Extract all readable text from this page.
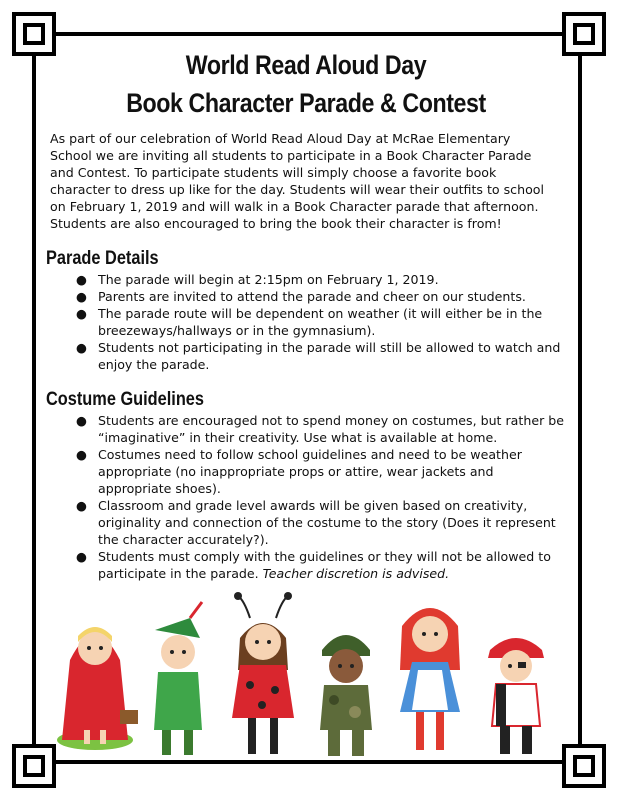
World Read Aloud Day
Book Character Parade & Contest

As part of our celebration of World Read Aloud Day at McRae Elementary School we are inviting all students to participate in a Book Character Parade and Contest. To participate students will simply choose a favorite book character to dress up like for the day. Students will wear their outfits to school on February 1, 2019 and will walk in a Book Character parade that afternoon. Students are also encouraged to bring the book their character is from!

Parade Details
● The parade will begin at 2:15pm on February 1, 2019.
● Parents are invited to attend the parade and cheer on our students.
● The parade route will be dependent on weather (it will either be in the breezeways/hallways or in the gymnasium).
● Students not participating in the parade will still be allowed to watch and enjoy the parade.
Costume Guidelines
● Students are encouraged not to spend money on costumes, but rather be “imaginative” in their creativity. Use what is available at home.
● Costumes need to follow school guidelines and need to be weather appropriate (no inappropriate props or attire, wear jackets and appropriate shoes).
● Classroom and grade level awards will be given based on creativity, originality and connection of the costume to the story (Does it represent the character accurately?).
● Students must comply with the guidelines or they will not be allowed to participate in the parade. Teacher discretion is advised.
